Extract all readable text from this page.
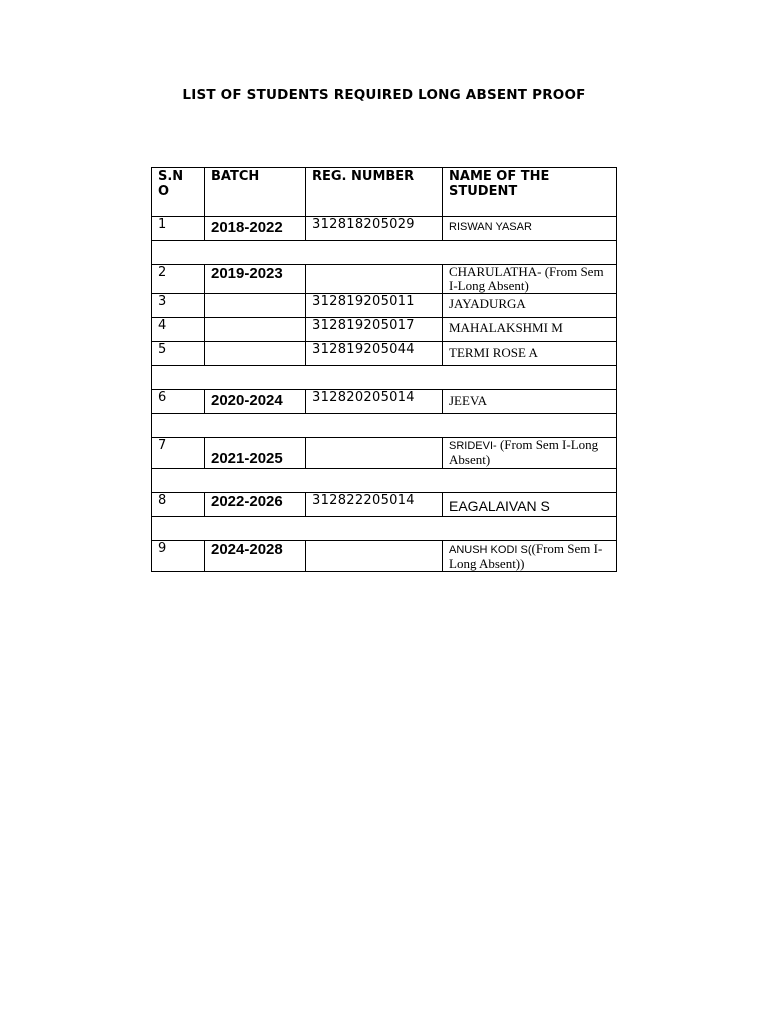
LIST OF STUDENTS REQUIRED LONG ABSENT PROOF
S.N O	BATCH	REG. NUMBER	NAME OF THE STUDENT
1	2018-2022	312818205029	RISWAN YASAR

2	2019-2023		CHARULATHA- (From Sem I-Long Absent)

3		312819205011	JAYADURGA

4		312819205017	MAHALAKSHMI M

5		312819205044	TERMI ROSE A

6	2020-2024	312820205014	JEEVA

7	2021-2025		SRIDEVI- (From Sem I-Long Absent)

8	2022-2026	312822205014	EAGALAIVAN S

9	2024-2028		ANUSH KODI S((From Sem I-Long Absent))
